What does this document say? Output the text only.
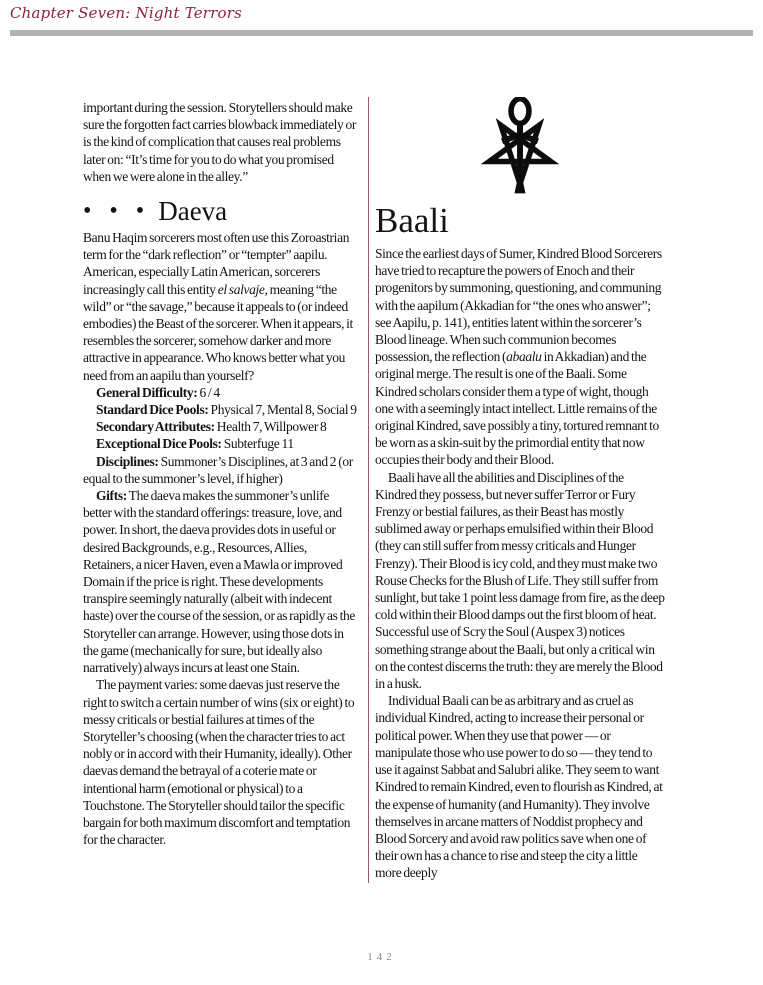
Chapter Seven: Night Terrors

important during the session. Storytellers should make sure the forgotten fact carries blowback immediately or is the kind of complication that causes real problems later on: “It’s time for you to do what you promised when we were alone in the alley.”

• • • Daeva

Banu Haqim sorcerers most often use this Zoroastrian term for the “dark reflection” or “tempter” aapilu. American, especially Latin American, sorcerers increasingly call this entity el salvaje, meaning “the wild” or “the savage,” because it appeals to (or indeed embodies) the Beast of the sorcerer. When it appears, it resembles the sorcerer, somehow darker and more attractive in appearance. Who knows better what you need from an aapilu than yourself?

General Difficulty: 6 / 4

Standard Dice Pools: Physical 7, Mental 8, Social 9

Secondary Attributes: Health 7, Willpower 8

Exceptional Dice Pools: Subterfuge 11

Disciplines: Summoner’s Disciplines, at 3 and 2 (or equal to the summoner’s level, if higher)

Gifts: The daeva makes the summoner’s unlife better with the standard offerings: treasure, love, and power. In short, the daeva provides dots in useful or desired Backgrounds, e.g., Resources, Allies, Retainers, a nicer Haven, even a Mawla or improved Domain if the price is right. These developments transpire seemingly naturally (albeit with indecent haste) over the course of the session, or as rapidly as the Storyteller can arrange. However, using those dots in the game (mechanically for sure, but ideally also narratively) always incurs at least one Stain.

The payment varies: some daevas just reserve the right to switch a certain number of wins (six or eight) to messy criticals or bestial failures at times of the Storyteller’s choosing (when the character tries to act nobly or in accord with their Humanity, ideally). Other daevas demand the betrayal of a coterie mate or intentional harm (emotional or physical) to a Touchstone. The Storyteller should tailor the specific bargain for both maximum discomfort and temptation for the character.

Baali

Since the earliest days of Sumer, Kindred Blood Sorcerers have tried to recapture the powers of Enoch and their progenitors by summoning, questioning, and communing with the aapilum (Akkadian for “the ones who answer”; see Aapilu, p. 141), entities latent within the sorcerer’s Blood lineage. When such communion becomes possession, the reflection (abaalu in Akkadian) and the original merge. The result is one of the Baali. Some Kindred scholars consider them a type of wight, though one with a seemingly intact intellect. Little remains of the original Kindred, save possibly a tiny, tortured remnant to be worn as a skin-suit by the primordial entity that now occupies their body and their Blood.

Baali have all the abilities and Disciplines of the Kindred they possess, but never suffer Terror or Fury Frenzy or bestial failures, as their Beast has mostly sublimed away or perhaps emulsified within their Blood (they can still suffer from messy criticals and Hunger Frenzy). Their Blood is icy cold, and they must make two Rouse Checks for the Blush of Life. They still suffer from sunlight, but take 1 point less damage from fire, as the deep cold within their Blood damps out the first bloom of heat. Successful use of Scry the Soul (Auspex 3) notices something strange about the Baali, but only a critical win on the contest discerns the truth: they are merely the Blood in a husk.

Individual Baali can be as arbitrary and as cruel as individual Kindred, acting to increase their personal or political power. When they use that power — or manipulate those who use power to do so — they tend to use it against Sabbat and Salubri alike. They seem to want Kindred to remain Kindred, even to flourish as Kindred, at the expense of humanity (and Humanity). They involve themselves in arcane matters of Noddist prophecy and Blood Sorcery and avoid raw politics save when one of their own has a chance to rise and steep the city a little more deeply

142
